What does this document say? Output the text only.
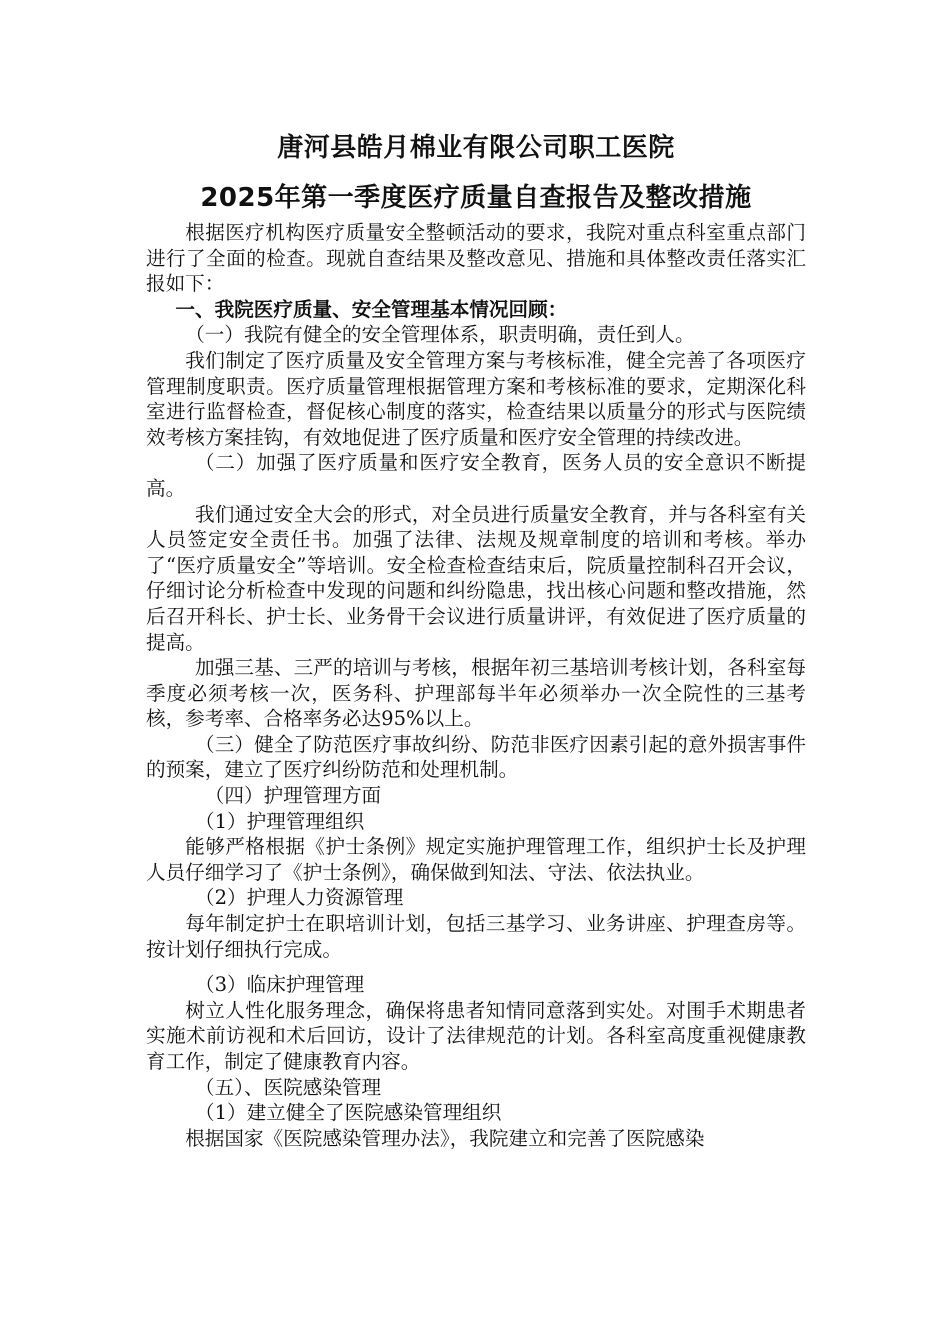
唐河县皓月棉业有限公司职工医院
2025年第一季度医疗质量自查报告及整改措施

根据医疗机构医疗质量安全整顿活动的要求，我院对重点科室重点部门进行了全面的检查。现就自查结果及整改意见、措施和具体整改责任落实汇报如下：

一、我院医疗质量、安全管理基本情况回顾：

（一）我院有健全的安全管理体系，职责明确，责任到人。

我们制定了医疗质量及安全管理方案与考核标准，健全完善了各项医疗管理制度职责。医疗质量管理根据管理方案和考核标准的要求，定期深化科室进行监督检查，督促核心制度的落实，检查结果以质量分的形式与医院绩效考核方案挂钩，有效地促进了医疗质量和医疗安全管理的持续改进。

（二）加强了医疗质量和医疗安全教育，医务人员的安全意识不断提高。

我们通过安全大会的形式，对全员进行质量安全教育，并与各科室有关人员签定安全责任书。加强了法律、法规及规章制度的培训和考核。举办了“医疗质量安全”等培训。安全检查检查结束后，院质量控制科召开会议，仔细讨论分析检查中发现的问题和纠纷隐患，找出核心问题和整改措施，然后召开科长、护士长、业务骨干会议进行质量讲评，有效促进了医疗质量的提高。

加强三基、三严的培训与考核，根据年初三基培训考核计划，各科室每季度必须考核一次，医务科、护理部每半年必须举办一次全院性的三基考核，参考率、合格率务必达95%以上。

（三）健全了防范医疗事故纠纷、防范非医疗因素引起的意外损害事件的预案，建立了医疗纠纷防范和处理机制。

（四）护理管理方面

（1）护理管理组织

能够严格根据《护士条例》规定实施护理管理工作，组织护士长及护理人员仔细学习了《护士条例》，确保做到知法、守法、依法执业。

（2）护理人力资源管理

每年制定护士在职培训计划，包括三基学习、业务讲座、护理查房等。按计划仔细执行完成。

（3）临床护理管理

树立人性化服务理念，确保将患者知情同意落到实处。对围手术期患者实施术前访视和术后回访，设计了法律规范的计划。各科室高度重视健康教育工作，制定了健康教育内容。

（五）、医院感染管理

（1）建立健全了医院感染管理组织

根据国家《医院感染管理办法》，我院建立和完善了医院感染
